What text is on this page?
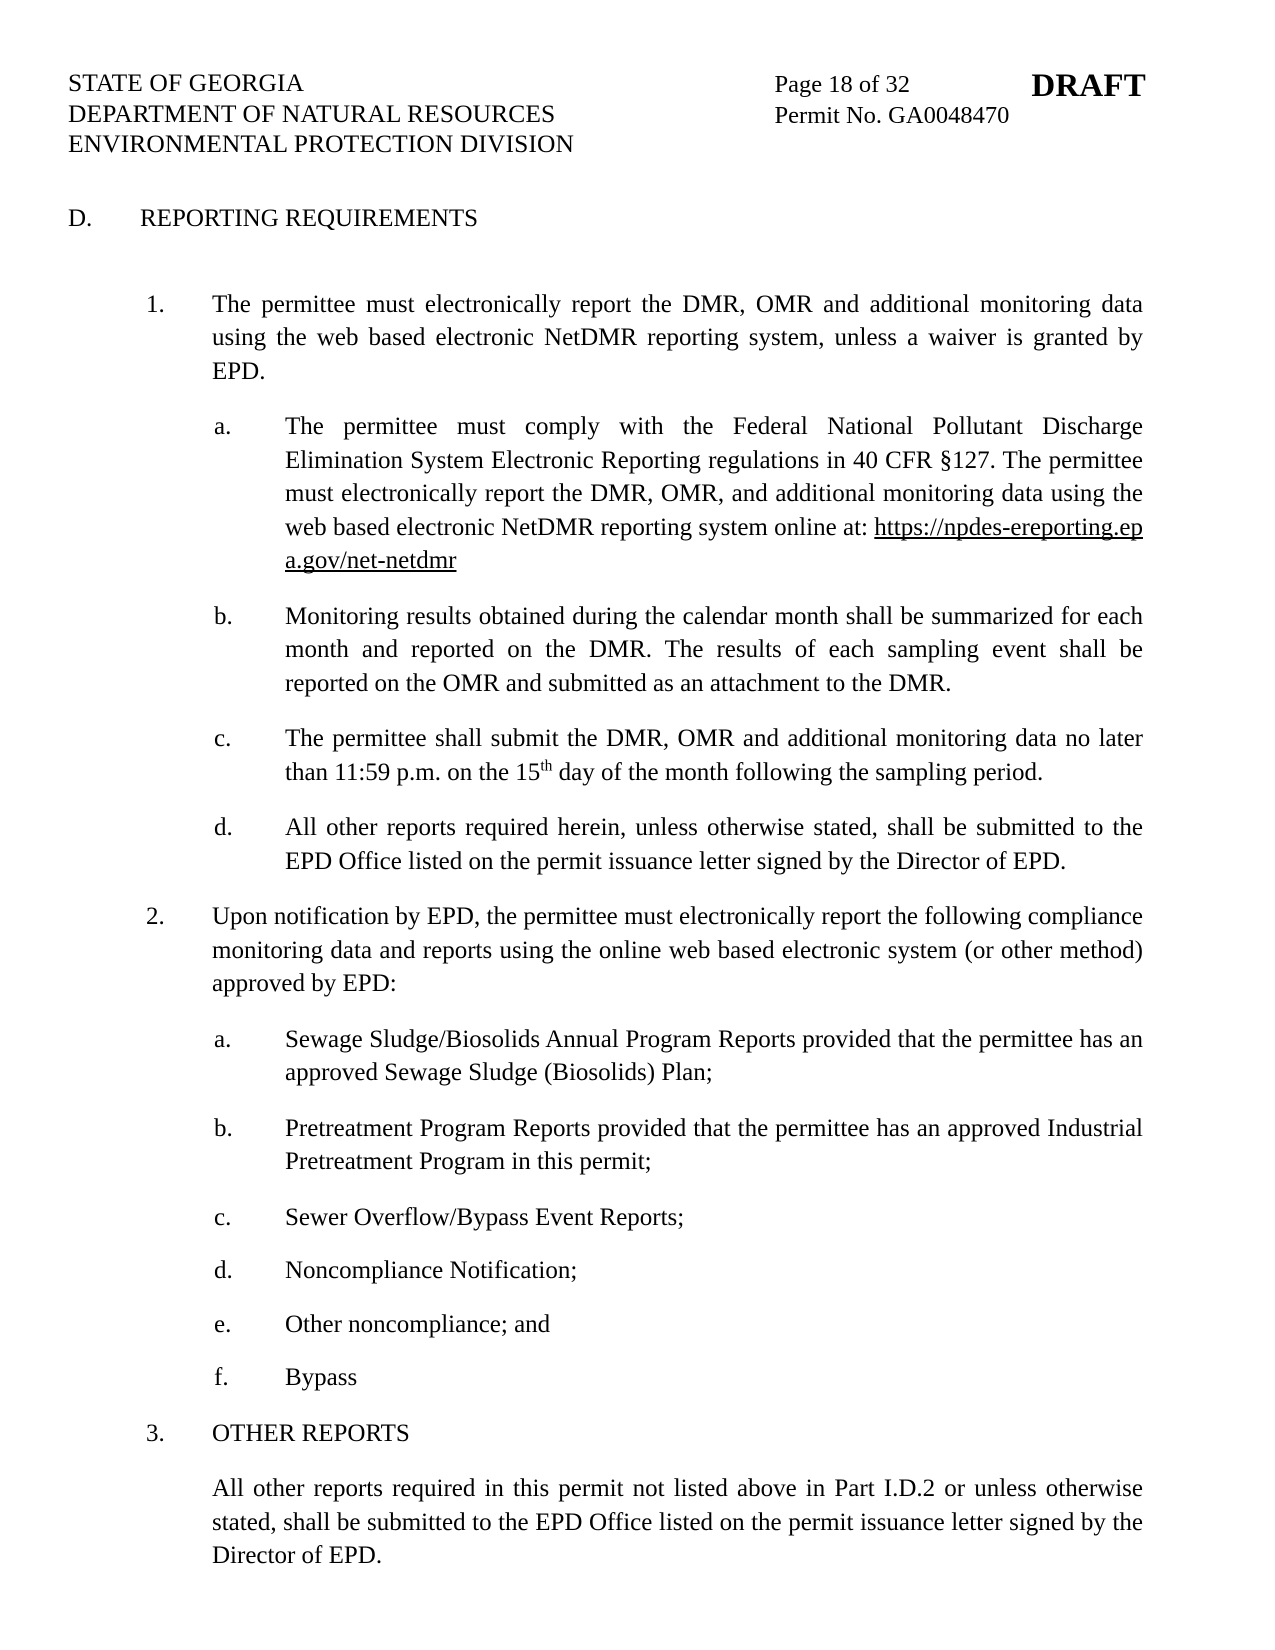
STATE OF GEORGIA
DEPARTMENT OF NATURAL RESOURCES
ENVIRONMENTAL PROTECTION DIVISION
Page 18 of 32
Permit No. GA0048470
DRAFT
D.	REPORTING REQUIREMENTS
1.	The permittee must electronically report the DMR, OMR and additional monitoring data using the web based electronic NetDMR reporting system, unless a waiver is granted by EPD.
a.	The permittee must comply with the Federal National Pollutant Discharge Elimination System Electronic Reporting regulations in 40 CFR §127. The permittee must electronically report the DMR, OMR, and additional monitoring data using the web based electronic NetDMR reporting system online at: https://npdes-ereporting.epa.gov/net-netdmr
b.	Monitoring results obtained during the calendar month shall be summarized for each month and reported on the DMR. The results of each sampling event shall be reported on the OMR and submitted as an attachment to the DMR.
c.	The permittee shall submit the DMR, OMR and additional monitoring data no later than 11:59 p.m. on the 15th day of the month following the sampling period.
d.	All other reports required herein, unless otherwise stated, shall be submitted to the EPD Office listed on the permit issuance letter signed by the Director of EPD.
2.	Upon notification by EPD, the permittee must electronically report the following compliance monitoring data and reports using the online web based electronic system (or other method) approved by EPD:
a.	Sewage Sludge/Biosolids Annual Program Reports provided that the permittee has an approved Sewage Sludge (Biosolids) Plan;
b.	Pretreatment Program Reports provided that the permittee has an approved Industrial Pretreatment Program in this permit;
c.	Sewer Overflow/Bypass Event Reports;
d.	Noncompliance Notification;
e.	Other noncompliance; and
f.	Bypass
3.	OTHER REPORTS
All other reports required in this permit not listed above in Part I.D.2 or unless otherwise stated, shall be submitted to the EPD Office listed on the permit issuance letter signed by the Director of EPD.
